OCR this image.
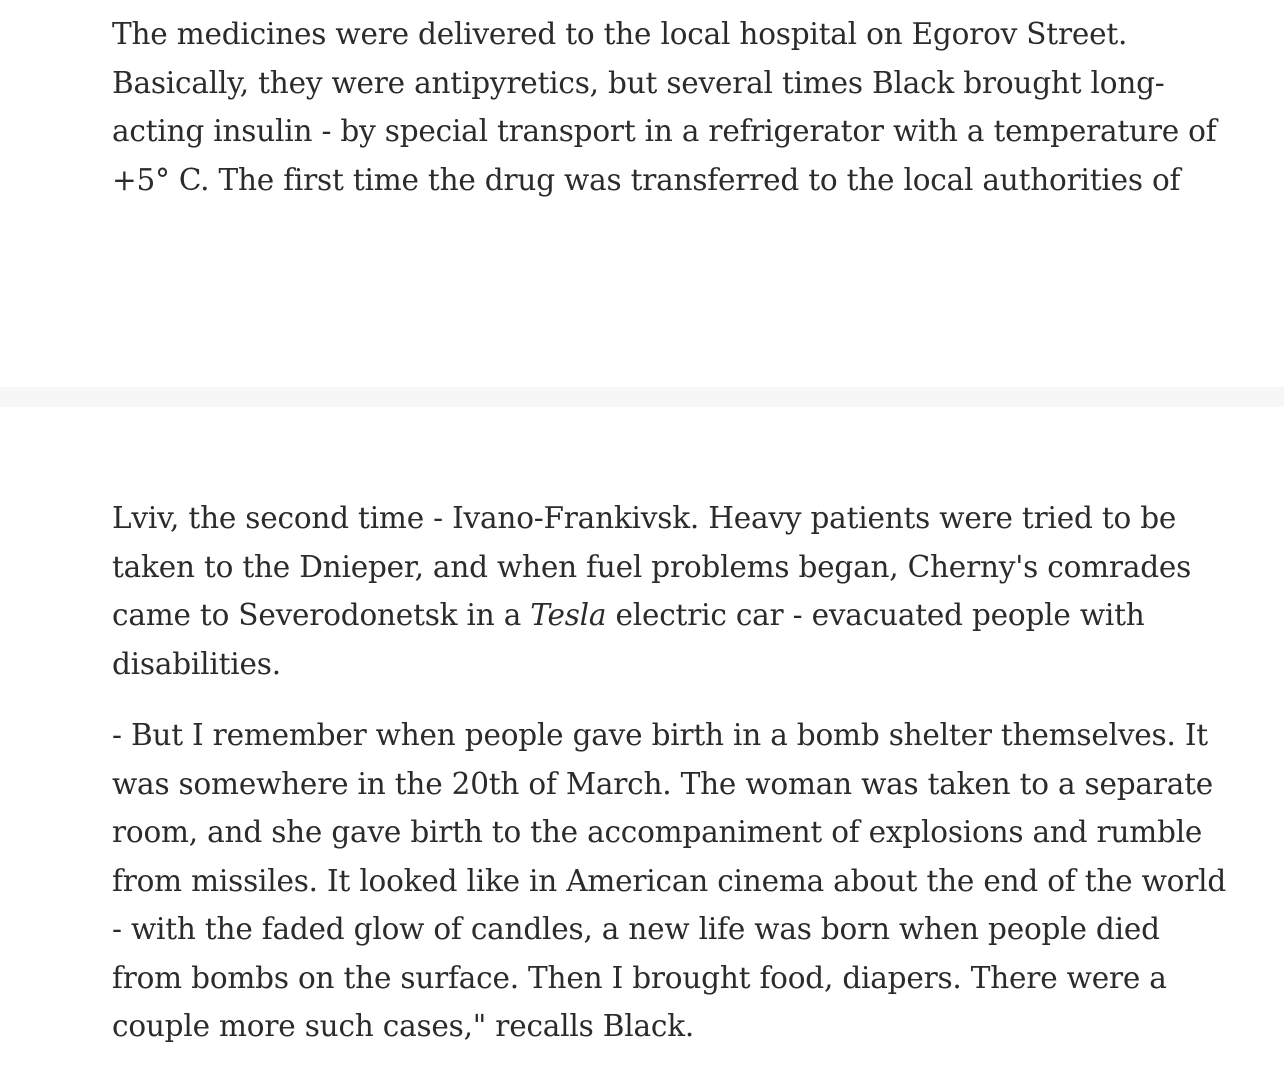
The medicines were delivered to the local hospital on Egorov Street.
Basically, they were antipyretics, but several times Black brought long-
acting insulin - by special transport in a refrigerator with a temperature of
+5° C. The first time the drug was transferred to the local authorities of

Lviv, the second time - Ivano-Frankivsk. Heavy patients were tried to be
taken to the Dnieper, and when fuel problems began, Cherny's comrades
came to Severodonetsk in a Tesla electric car - evacuated people with
disabilities.

- But I remember when people gave birth in a bomb shelter themselves. It
was somewhere in the 20th of March. The woman was taken to a separate
room, and she gave birth to the accompaniment of explosions and rumble
from missiles. It looked like in American cinema about the end of the world
- with the faded glow of candles, a new life was born when people died
from bombs on the surface. Then I brought food, diapers. There were a
couple more such cases," recalls Black.
